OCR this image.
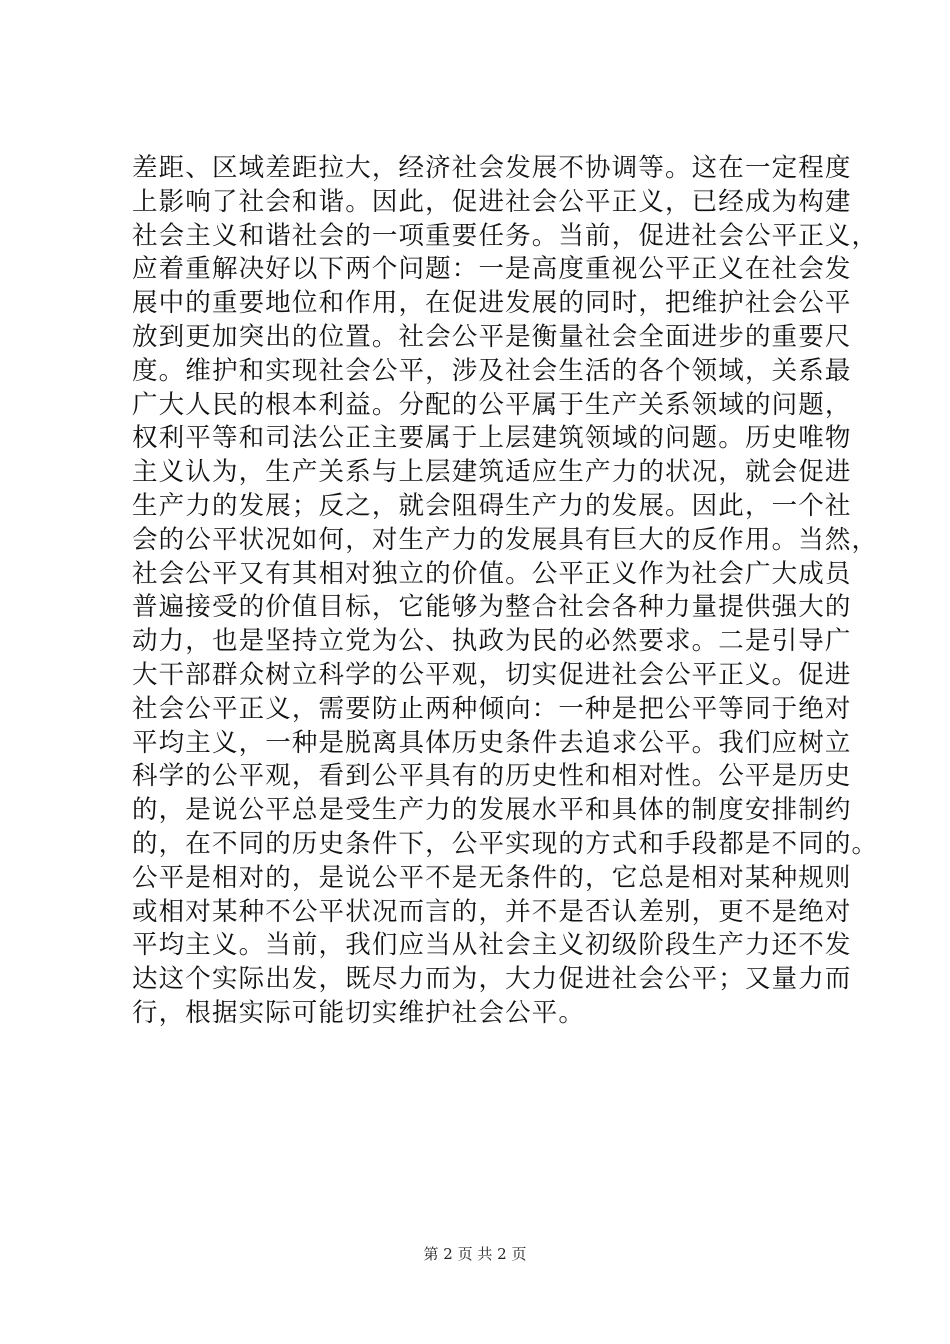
差距、区域差距拉大，经济社会发展不协调等。这在一定程度
上影响了社会和谐。因此，促进社会公平正义，已经成为构建
社会主义和谐社会的一项重要任务。当前，促进社会公平正义，
应着重解决好以下两个问题：一是高度重视公平正义在社会发
展中的重要地位和作用，在促进发展的同时，把维护社会公平
放到更加突出的位置。社会公平是衡量社会全面进步的重要尺
度。维护和实现社会公平，涉及社会生活的各个领域，关系最
广大人民的根本利益。分配的公平属于生产关系领域的问题，
权利平等和司法公正主要属于上层建筑领域的问题。历史唯物
主义认为，生产关系与上层建筑适应生产力的状况，就会促进
生产力的发展；反之，就会阻碍生产力的发展。因此，一个社
会的公平状况如何，对生产力的发展具有巨大的反作用。当然，
社会公平又有其相对独立的价值。公平正义作为社会广大成员
普遍接受的价值目标，它能够为整合社会各种力量提供强大的
动力，也是坚持立党为公、执政为民的必然要求。二是引导广
大干部群众树立科学的公平观，切实促进社会公平正义。促进
社会公平正义，需要防止两种倾向：一种是把公平等同于绝对
平均主义，一种是脱离具体历史条件去追求公平。我们应树立
科学的公平观，看到公平具有的历史性和相对性。公平是历史
的，是说公平总是受生产力的发展水平和具体的制度安排制约
的，在不同的历史条件下，公平实现的方式和手段都是不同的。
公平是相对的，是说公平不是无条件的，它总是相对某种规则
或相对某种不公平状况而言的，并不是否认差别，更不是绝对
平均主义。当前，我们应当从社会主义初级阶段生产力还不发
达这个实际出发，既尽力而为，大力促进社会公平；又量力而
行，根据实际可能切实维护社会公平。
第 2 页 共 2 页
